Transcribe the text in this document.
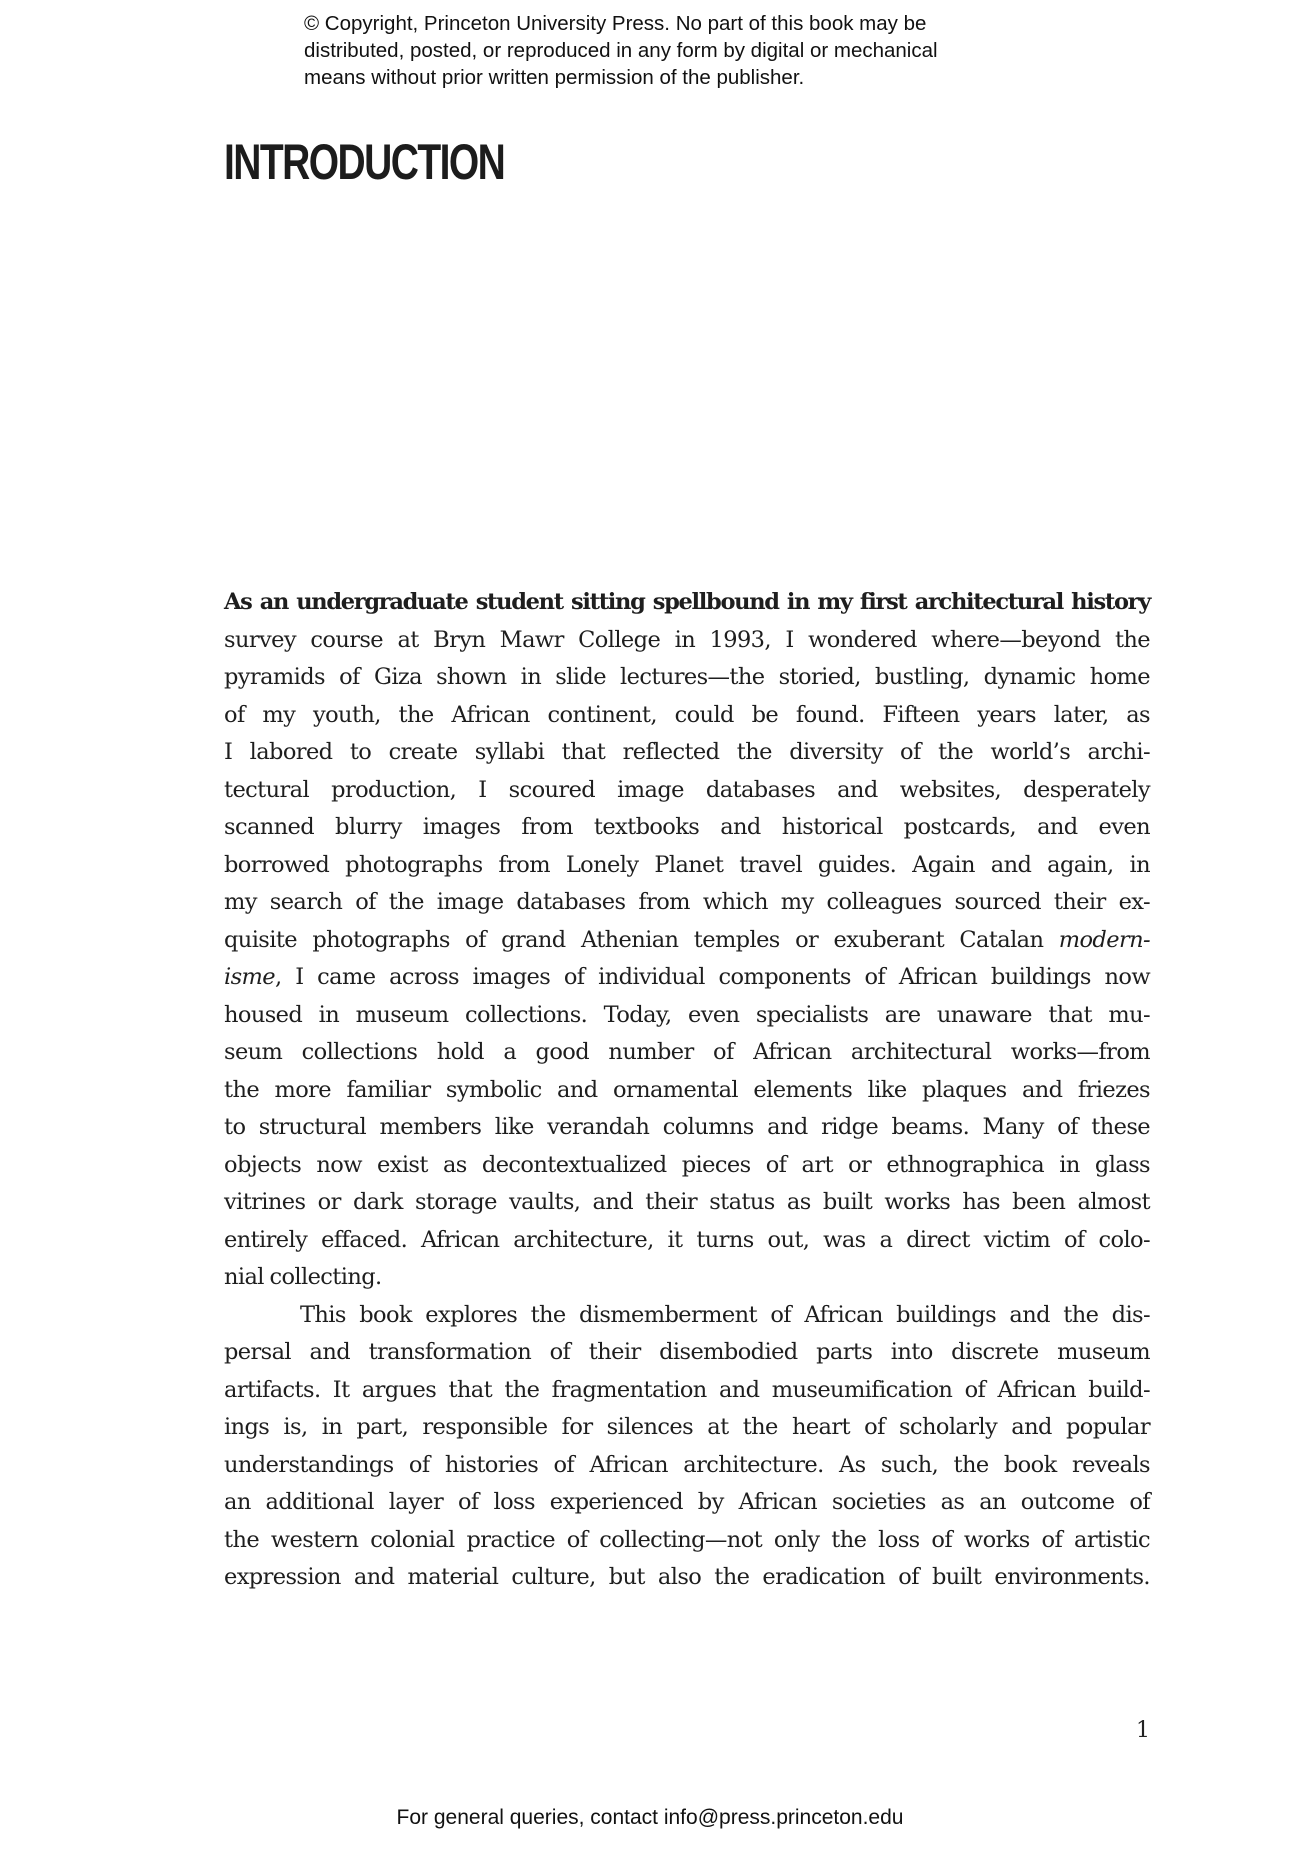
© Copyright, Princeton University Press. No part of this book may be
distributed, posted, or reproduced in any form by digital or mechanical
means without prior written permission of the publisher.
INTRODUCTION
As an undergraduate student sitting spellbound in my first architectural history
survey course at Bryn Mawr College in 1993, I wondered where—beyond the
pyramids of Giza shown in slide lectures—the storied, bustling, dynamic home
of my youth, the African continent, could be found. Fifteen years later, as
I labored to create syllabi that reflected the diversity of the world’s archi-
tectural production, I scoured image databases and websites, desperately
scanned blurry images from textbooks and historical postcards, and even
borrowed photographs from Lonely Planet travel guides. Again and again, in
my search of the image databases from which my colleagues sourced their ex-
quisite photographs of grand Athenian temples or exuberant Catalan modern-
isme, I came across images of individual components of African buildings now
housed in museum collections. Today, even specialists are unaware that mu-
seum collections hold a good number of African architectural works—from
the more familiar symbolic and ornamental elements like plaques and friezes
to structural members like verandah columns and ridge beams. Many of these
objects now exist as decontextualized pieces of art or ethnographica in glass
vitrines or dark storage vaults, and their status as built works has been almost
entirely effaced. African architecture, it turns out, was a direct victim of colo-
nial collecting.
This book explores the dismemberment of African buildings and the dis-
persal and transformation of their disembodied parts into discrete museum
artifacts. It argues that the fragmentation and museumification of African build-
ings is, in part, responsible for silences at the heart of scholarly and popular
understandings of histories of African architecture. As such, the book reveals
an additional layer of loss experienced by African societies as an outcome of
the western colonial practice of collecting—not only the loss of works of artistic
expression and material culture, but also the eradication of built environments.
1
For general queries, contact info@press.princeton.edu
